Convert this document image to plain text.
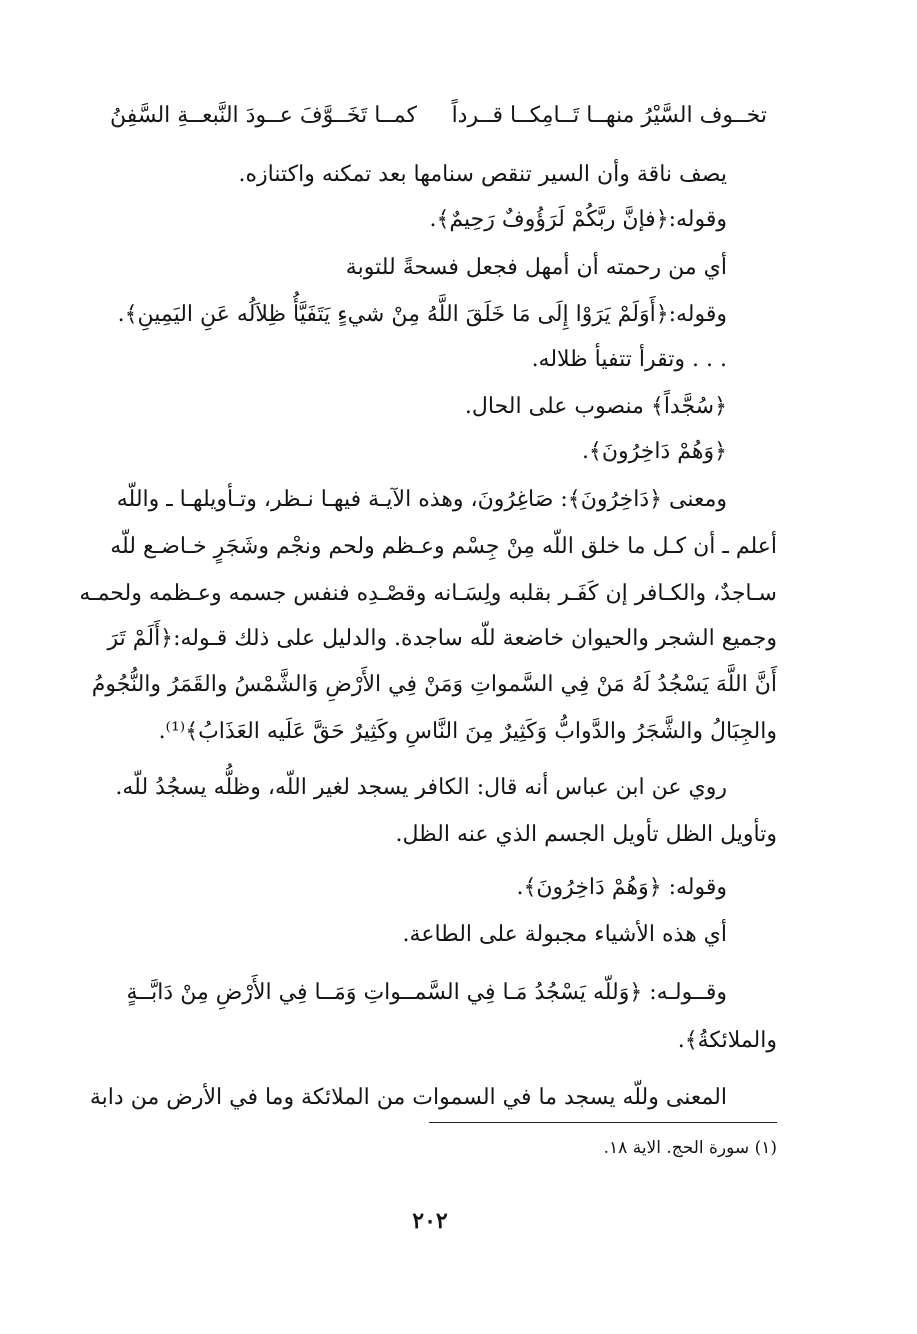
تخــوف السَّيْرُ منهــا تَــامِكــا قــرداً
كمــا تَخَــوَّفَ عــودَ النَّبعــةِ السَّفِنُ
يصف ناقة وأن السير تنقص سنامها بعد تمكنه واكتنازه.
وقوله:﴿فإنَّ ربَّكُمْ لَرَؤُوفٌ رَحِيمٌ﴾.
أي من رحمته أن أمهل فجعل فسحةً للتوبة
وقوله:﴿أَوَلَمْ يَرَوْا إِلَى مَا خَلَقَ اللَّهُ مِنْ شيءٍ يَتَفَيَّأُ ظِلاَلُه عَنِ اليَمِينِ﴾.
. . . وتقرأ تتفيأ ظلاله.
﴿سُجَّداً﴾ منصوب على الحال.
﴿وَهُمْ دَاخِرُونَ﴾.
ومعنى ﴿دَاخِرُونَ﴾: صَاغِرُونَ، وهذه الآيـة فيهـا نـظر، وتـأويلهـا ـ واللّه
أعلم ـ أن كـل ما خلق اللّه مِنْ جِسْم وعـظم ولحم ونجْم وشَجَرٍ خـاضـع للّه
سـاجدٌ، والكـافر إن كَفَـر بقلبه ولِسَـانه وقصْـدِه فنفس جسمه وعـظمه ولحمـه
وجميع الشجر والحيوان خاضعة للّه ساجدة. والدليل على ذلك قـوله:﴿أَلَمْ تَرَ
أَنَّ اللَّهَ يَسْجُدُ لَهُ مَنْ فِي السَّمواتِ وَمَنْ فِي الأَرْضِ وَالشَّمْسُ والقَمَرُ والنُّجُومُ
والجِبَالُ والشَّجَرُ والدَّوابُّ وَكَثِيرٌ مِنَ النَّاسِ وكَثِيرٌ حَقَّ عَلَيه العَذَابُ﴾⁽¹⁾.
روي عن ابن عباس أنه قال: الكافر يسجد لغير اللّه، وظلُّه يسجُدُ للّه.
وتأويل الظل تأويل الجسم الذي عنه الظل.
وقوله: ﴿وَهُمْ دَاخِرُونَ﴾.
أي هذه الأشياء مجبولة على الطاعة.
وقــولـه: ﴿وَللّه يَسْجُدُ مَـا فِي السَّمــواتِ وَمَــا فِي الأَرْضِ مِنْ دَابَّــةٍ
والملائكةُ﴾.
المعنى وللّه يسجد ما في السموات من الملائكة وما في الأرض من دابة
(١) سورة الحج. الاية ١٨.
٢٠٢
